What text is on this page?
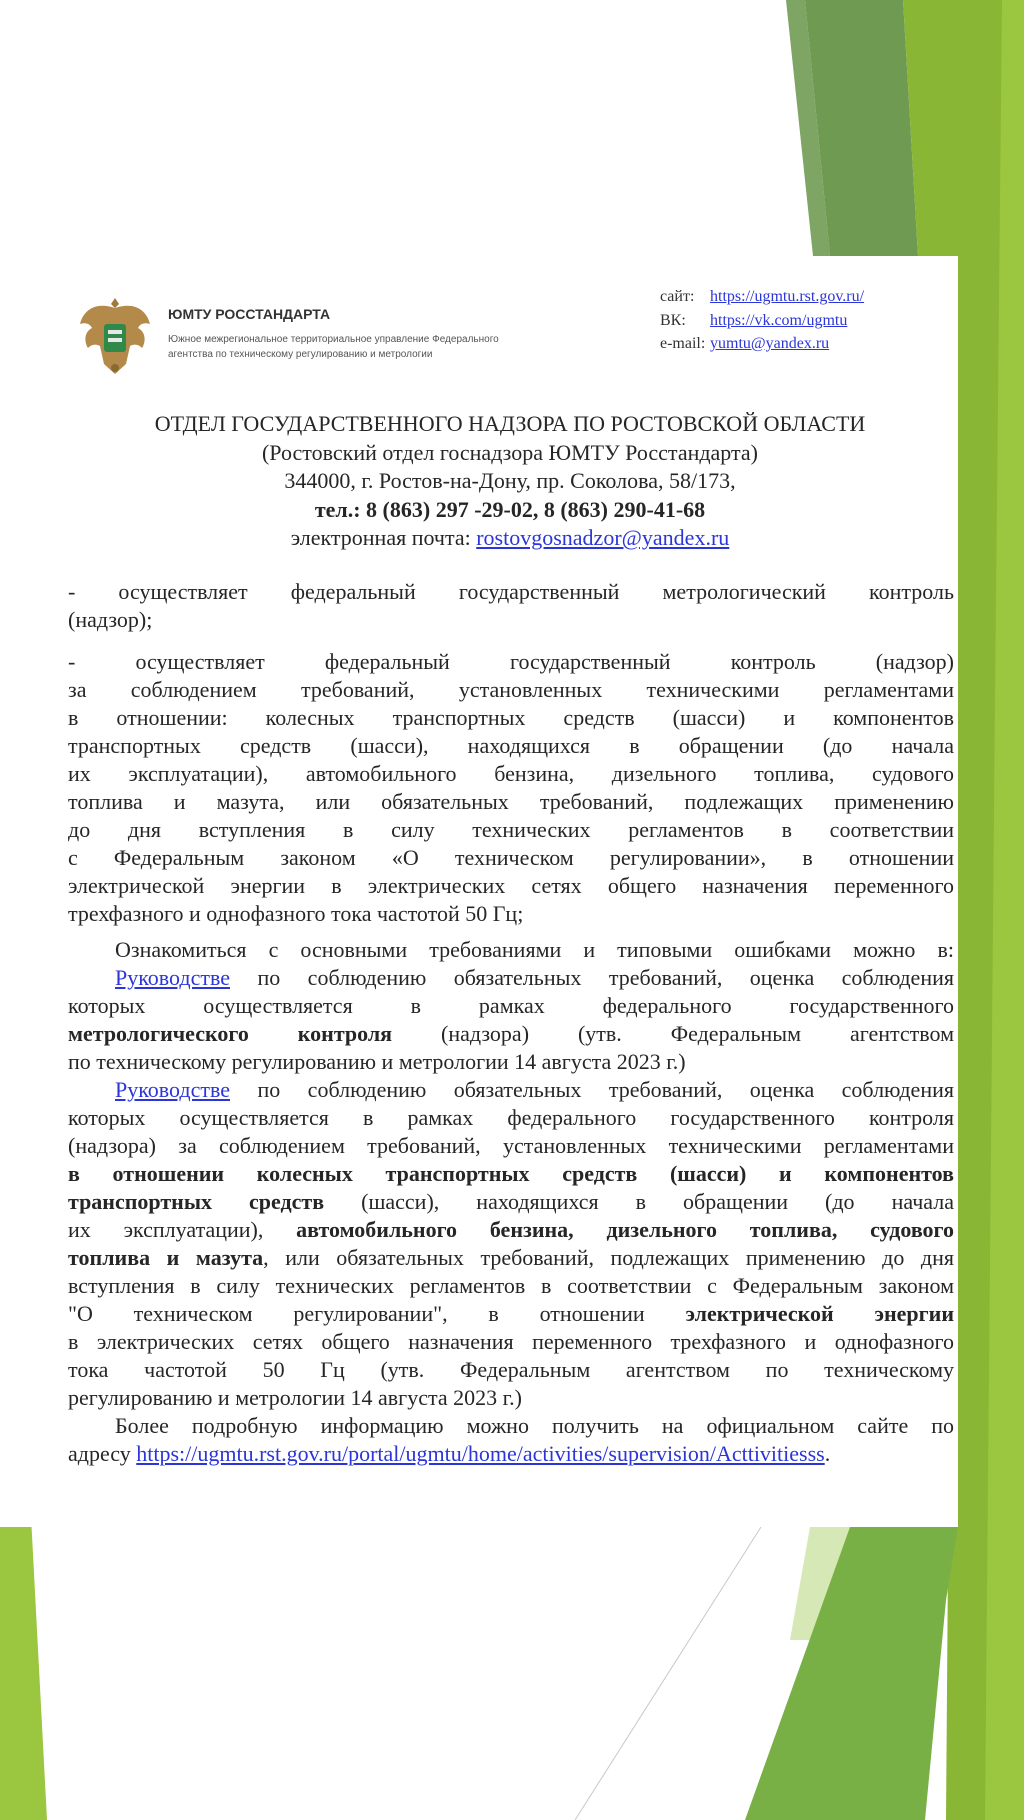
ЮМТУ РОССТАНДАРТА
Южное межрегиональное территориальное управление Федерального
агентства по техническому регулированию и метрологии
сайт: https://ugmtu.rst.gov.ru/
ВК: https://vk.com/ugmtu
e-mail: yumtu@yandex.ru
ОТДЕЛ ГОСУДАРСТВЕННОГО НАДЗОРА ПО РОСТОВСКОЙ ОБЛАСТИ
(Ростовский отдел госнадзора ЮМТУ Росстандарта)
344000, г. Ростов-на-Дону, пр. Соколова, 58/173,
тел.: 8 (863) 297 -29-02, 8 (863) 290-41-68
электронная почта: rostovgosnadzor@yandex.ru
- осуществляет федеральный государственный метрологический контроль
(надзор);
- осуществляет федеральный государственный контроль (надзор)
за соблюдением требований, установленных техническими регламентами
в отношении: колесных транспортных средств (шасси) и компонентов
транспортных средств (шасси), находящихся в обращении (до начала
их эксплуатации), автомобильного бензина, дизельного топлива, судового
топлива и мазута, или обязательных требований, подлежащих применению
до дня вступления в силу технических регламентов в соответствии
с Федеральным законом «О техническом регулировании», в отношении
электрической энергии в электрических сетях общего назначения переменного
трехфазного и однофазного тока частотой 50 Гц;
Ознакомиться с основными требованиями и типовыми ошибками можно в:
Руководстве по соблюдению обязательных требований, оценка соблюдения
которых осуществляется в рамках федерального государственного
метрологического контроля (надзора) (утв. Федеральным агентством
по техническому регулированию и метрологии 14 августа 2023 г.)
Руководстве по соблюдению обязательных требований, оценка соблюдения
которых осуществляется в рамках федерального государственного контроля
(надзора) за соблюдением требований, установленных техническими регламентами
в отношении колесных транспортных средств (шасси) и компонентов
транспортных средств (шасси), находящихся в обращении (до начала
их эксплуатации), автомобильного бензина, дизельного топлива, судового
топлива и мазута, или обязательных требований, подлежащих применению до дня
вступления в силу технических регламентов в соответствии с Федеральным законом
"О техническом регулировании", в отношении электрической энергии
в электрических сетях общего назначения переменного трехфазного и однофазного
тока частотой 50 Гц (утв. Федеральным агентством по техническому
регулированию и метрологии 14 августа 2023 г.)
Более подробную информацию можно получить на официальном сайте по
адресу https://ugmtu.rst.gov.ru/portal/ugmtu/home/activities/supervision/Acttivitiesss.
